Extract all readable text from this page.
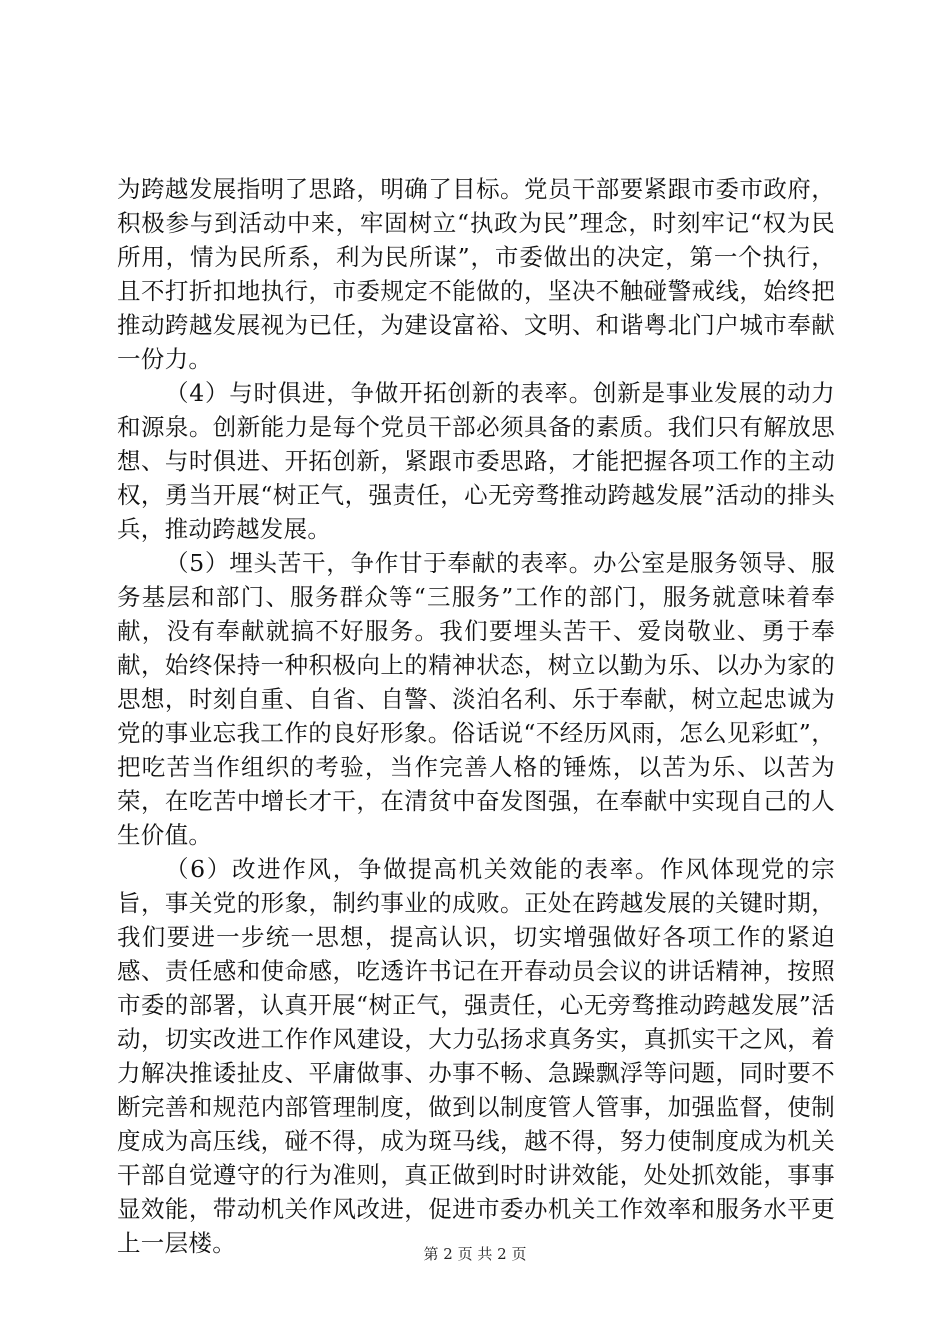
为跨越发展指明了思路，明确了目标。党员干部要紧跟市委市政府，积极参与到活动中来，牢固树立“执政为民”理念，时刻牢记“权为民所用，情为民所系，利为民所谋”，市委做出的决定，第一个执行，且不打折扣地执行，市委规定不能做的，坚决不触碰警戒线，始终把推动跨越发展视为已任，为建设富裕、文明、和谐粤北门户城市奉献一份力。

（4）与时俱进，争做开拓创新的表率。创新是事业发展的动力和源泉。创新能力是每个党员干部必须具备的素质。我们只有解放思想、与时俱进、开拓创新，紧跟市委思路，才能把握各项工作的主动权，勇当开展“树正气，强责任，心无旁骛推动跨越发展”活动的排头兵，推动跨越发展。

（5）埋头苦干，争作甘于奉献的表率。办公室是服务领导、服务基层和部门、服务群众等“三服务”工作的部门，服务就意味着奉献，没有奉献就搞不好服务。我们要埋头苦干、爱岗敬业、勇于奉献，始终保持一种积极向上的精神状态，树立以勤为乐、以办为家的思想，时刻自重、自省、自警、淡泊名利、乐于奉献，树立起忠诚为党的事业忘我工作的良好形象。俗话说“不经历风雨，怎么见彩虹”，把吃苦当作组织的考验，当作完善人格的锤炼，以苦为乐、以苦为荣，在吃苦中增长才干，在清贫中奋发图强，在奉献中实现自己的人生价值。

（6）改进作风，争做提高机关效能的表率。作风体现党的宗旨，事关党的形象，制约事业的成败。正处在跨越发展的关键时期，我们要进一步统一思想，提高认识，切实增强做好各项工作的紧迫感、责任感和使命感，吃透许书记在开春动员会议的讲话精神，按照市委的部署，认真开展“树正气，强责任，心无旁骛推动跨越发展”活动，切实改进工作作风建设，大力弘扬求真务实，真抓实干之风，着力解决推诿扯皮、平庸做事、办事不畅、急躁飘浮等问题，同时要不断完善和规范内部管理制度，做到以制度管人管事，加强监督，使制度成为高压线，碰不得，成为斑马线，越不得，努力使制度成为机关干部自觉遵守的行为准则，真正做到时时讲效能，处处抓效能，事事显效能，带动机关作风改进，促进市委办机关工作效率和服务水平更上一层楼。	第 2 页 共 2 页
